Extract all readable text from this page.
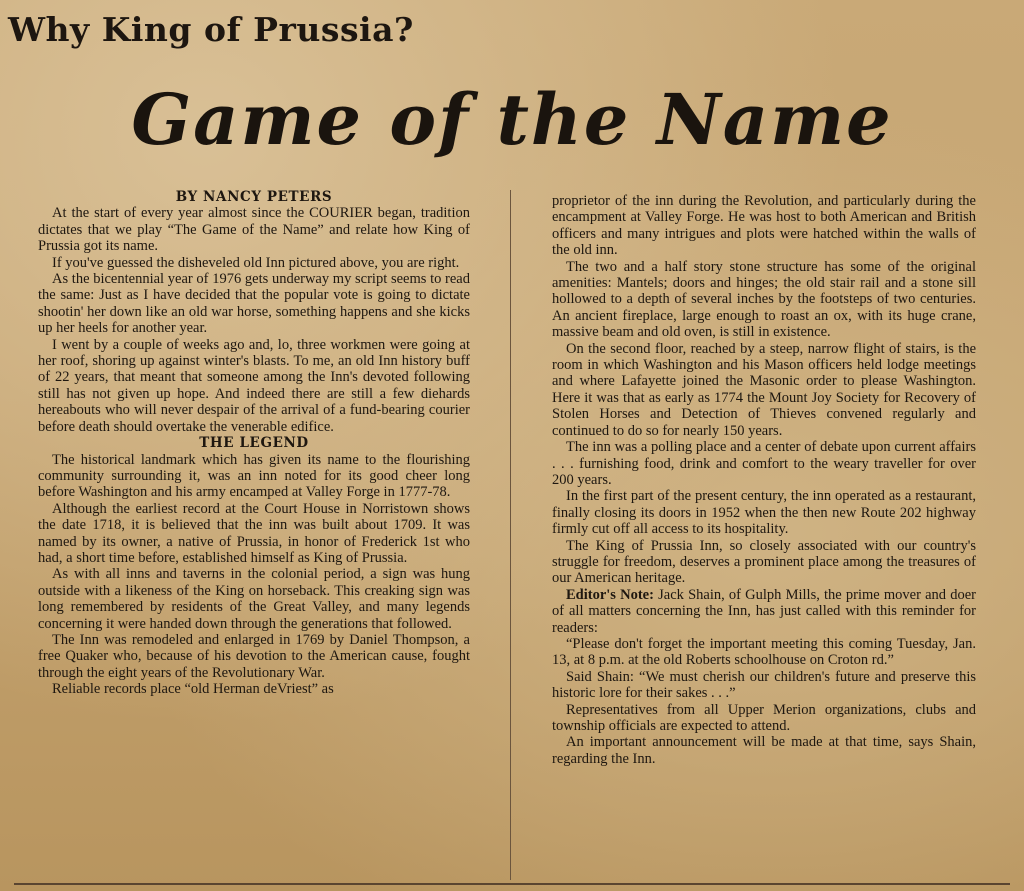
Why King of Prussia?
Game of the Name
BY NANCY PETERS

At the start of every year almost since the COURIER began, tradition dictates that we play “The Game of the Name” and relate how King of Prussia got its name.

If you've guessed the disheveled old Inn pictured above, you are right.

As the bicentennial year of 1976 gets underway my script seems to read the same: Just as I have decided that the popular vote is going to dictate shootin' her down like an old war horse, something happens and she kicks up her heels for another year.

I went by a couple of weeks ago and, lo, three workmen were going at her roof, shoring up against winter's blasts. To me, an old Inn history buff of 22 years, that meant that someone among the Inn's devoted following still has not given up hope. And indeed there are still a few diehards hereabouts who will never despair of the arrival of a fund-bearing courier before death should overtake the venerable edifice.

THE LEGEND

The historical landmark which has given its name to the flourishing community surrounding it, was an inn noted for its good cheer long before Washington and his army encamped at Valley Forge in 1777-78.

Although the earliest record at the Court House in Norristown shows the date 1718, it is believed that the inn was built about 1709. It was named by its owner, a native of Prussia, in honor of Frederick 1st who had, a short time before, established himself as King of Prussia.

As with all inns and taverns in the colonial period, a sign was hung outside with a likeness of the King on horseback. This creaking sign was long remembered by residents of the Great Valley, and many legends concerning it were handed down through the generations that followed.

The Inn was remodeled and enlarged in 1769 by Daniel Thompson, a free Quaker who, because of his devotion to the American cause, fought through the eight years of the Revolutionary War.

Reliable records place “old Herman deVriest” as

proprietor of the inn during the Revolution, and particularly during the encampment at Valley Forge. He was host to both American and British officers and many intrigues and plots were hatched within the walls of the old inn.

The two and a half story stone structure has some of the original amenities: Mantels; doors and hinges; the old stair rail and a stone sill hollowed to a depth of several inches by the footsteps of two centuries. An ancient fireplace, large enough to roast an ox, with its huge crane, massive beam and old oven, is still in existence.

On the second floor, reached by a steep, narrow flight of stairs, is the room in which Washington and his Mason officers held lodge meetings and where Lafayette joined the Masonic order to please Washington. Here it was that as early as 1774 the Mount Joy Society for Recovery of Stolen Horses and Detection of Thieves convened regularly and continued to do so for nearly 150 years.

The inn was a polling place and a center of debate upon current affairs . . . furnishing food, drink and comfort to the weary traveller for over 200 years.

In the first part of the present century, the inn operated as a restaurant, finally closing its doors in 1952 when the then new Route 202 highway firmly cut off all access to its hospitality.

The King of Prussia Inn, so closely associated with our country's struggle for freedom, deserves a prominent place among the treasures of our American heritage.

Editor's Note: Jack Shain, of Gulph Mills, the prime mover and doer of all matters concerning the Inn, has just called with this reminder for readers:

“Please don't forget the important meeting this coming Tuesday, Jan. 13, at 8 p.m. at the old Roberts schoolhouse on Croton rd.”

Said Shain: “We must cherish our children's future and preserve this historic lore for their sakes . . .”

Representatives from all Upper Merion organizations, clubs and township officials are expected to attend.

An important announcement will be made at that time, says Shain, regarding the Inn.
